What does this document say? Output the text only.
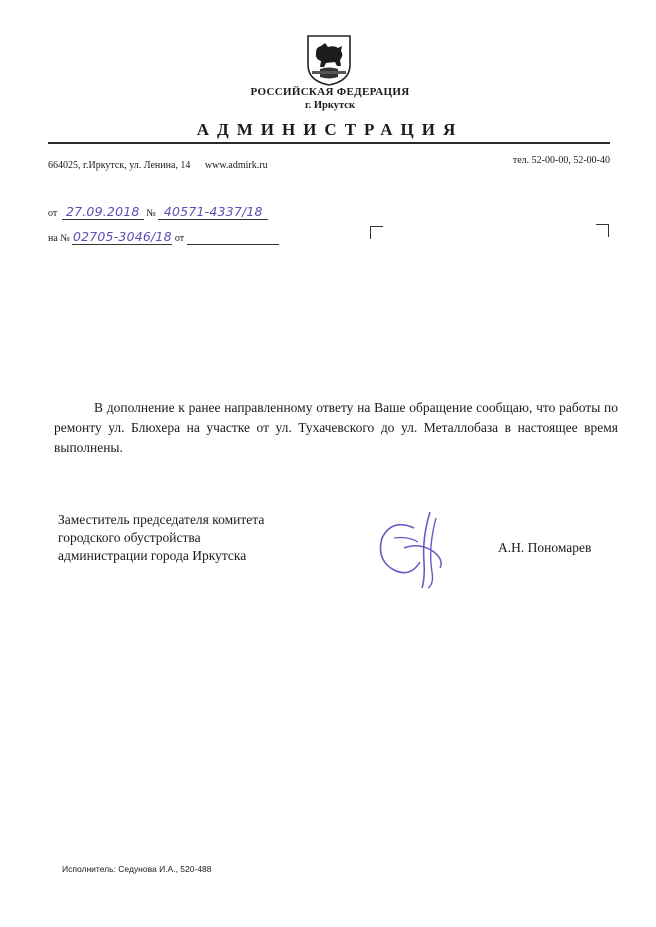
РОССИЙСКАЯ ФЕДЕРАЦИЯ
г. Иркутск
АДМИНИСТРАЦИЯ
664025, г.Иркутск, ул. Ленина, 14 www.admirk.ru	тел. 52-00-00, 52-00-40
от 27.09.2018 № 40571-4337/18
на № 02705-3046/18 от

В дополнение к ранее направленному ответу на Ваше обращение сообщаю, что работы по ремонту ул. Блюхера на участке от ул. Тухачевского до ул. Металлобаза в настоящее время выполнены.

Заместитель председателя комитета
городского обустройства
администрации города Иркутска
А.Н. Пономарев
Исполнитель: Седунова И.А., 520-488
